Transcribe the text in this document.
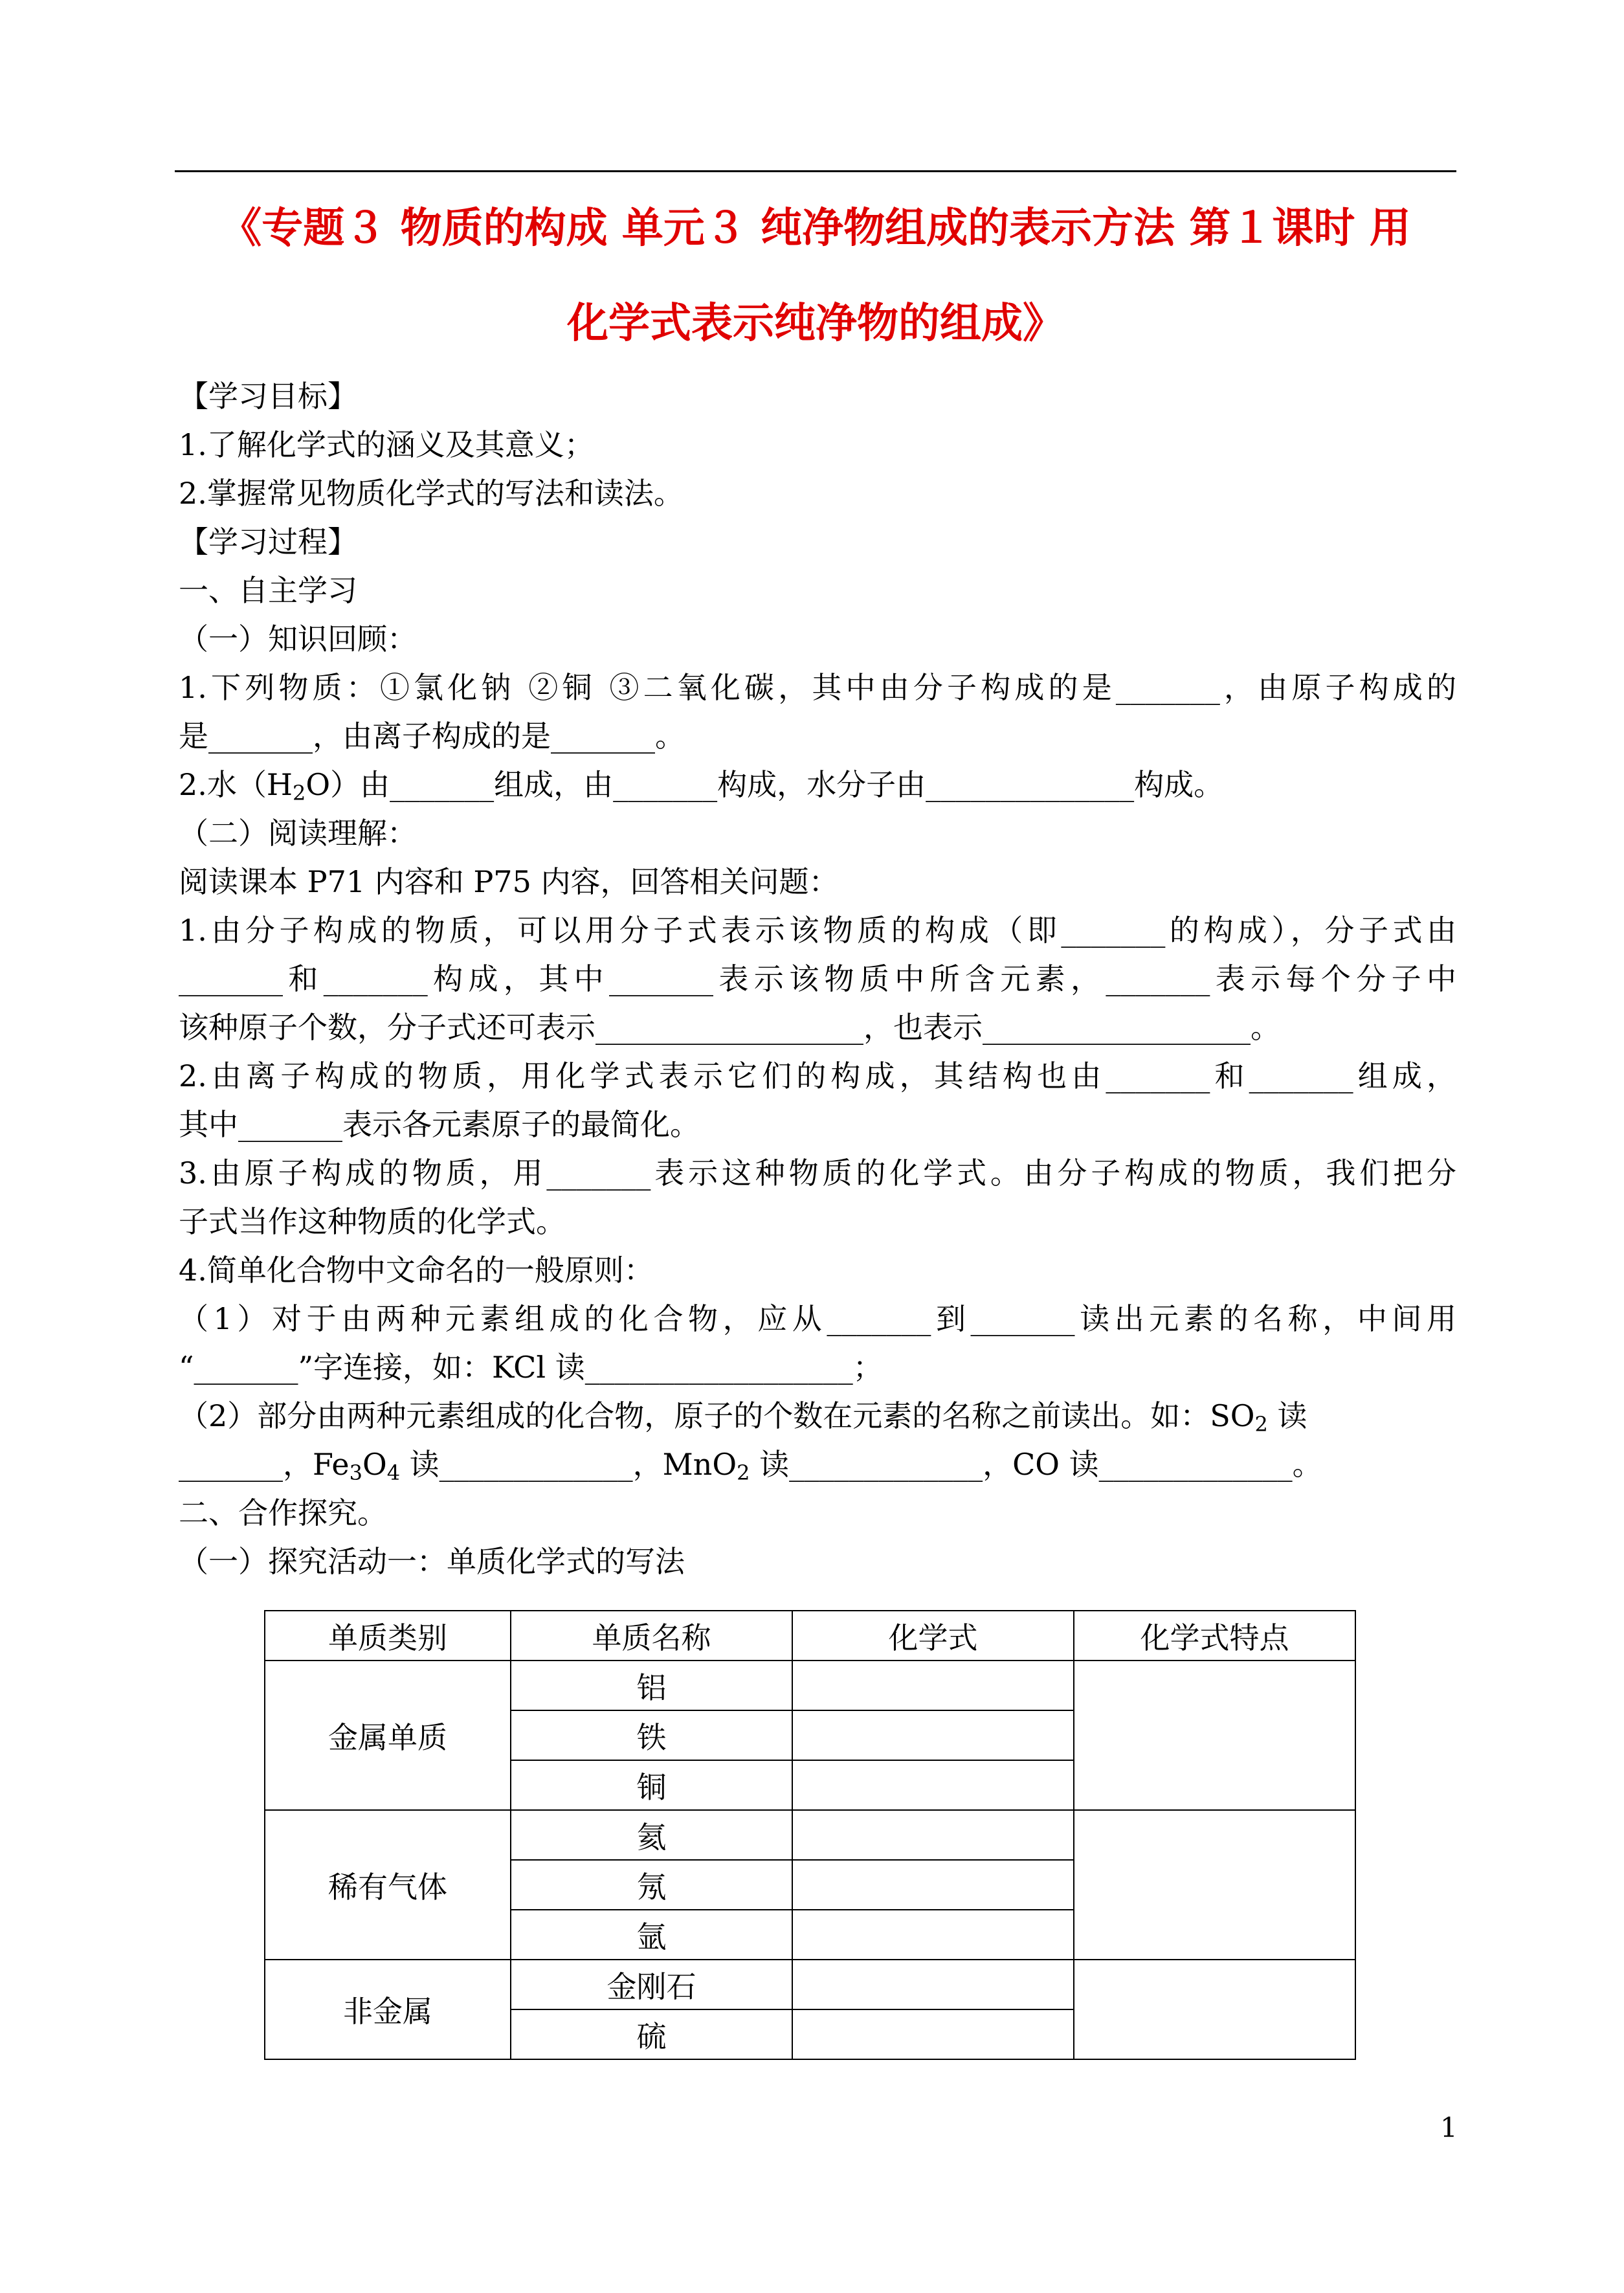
《专题３ 物质的构成 单元３ 纯净物组成的表示方法 第１课时 用
化学式表示纯净物的组成》
【学习目标】
1.了解化学式的涵义及其意义；
2.掌握常见物质化学式的写法和读法。
【学习过程】
一、自主学习
（一）知识回顾：
1.下列物质：①氯化钠 ②铜 ③二氧化碳，其中由分子构成的是_______，由原子构成的
是_______，由离子构成的是_______。
2.水$(H_2O)$由_______组成，由_______构成，水分子由______________构成。
（二）阅读理解：
阅读课本 P71 内容和 P75 内容，回答相关问题：
1.由分子构成的物质，可以用分子式表示该物质的构成（即_______的构成），分子式由
_______和_______构成，其中_______表示该物质中所含元素，_______表示每个分子中
该种原子个数，分子式还可表示__________________，也表示__________________。
2.由离子构成的物质，用化学式表示它们的构成，其结构也由_______和_______组成，
其中_______表示各元素原子的最简化。
3.由原子构成的物质，用_______表示这种物质的化学式。由分子构成的物质，我们把分
子式当作这种物质的化学式。
4.简单化合物中文命名的一般原则：
（1）对于由两种元素组成的化合物，应从_______到_______读出元素的名称，中间用
“_______”字连接，如：KCl 读__________________；
（2）部分由两种元素组成的化合物，原子的个数在元素的名称之前读出。如：$SO_2$ 读
_______，$Fe_3O_4$ 读_____________，MnO$_2$ 读_____________，CO 读_____________。
二、合作探究。
（一）探究活动一：单质化学式的写法
单质类别	单质名称	化学式	化学式特点
金属单质	铝		
	铁		
	铜		
稀有气体	氦		
	氖		
	氩		
非金属	金刚石		
	硫		
1
